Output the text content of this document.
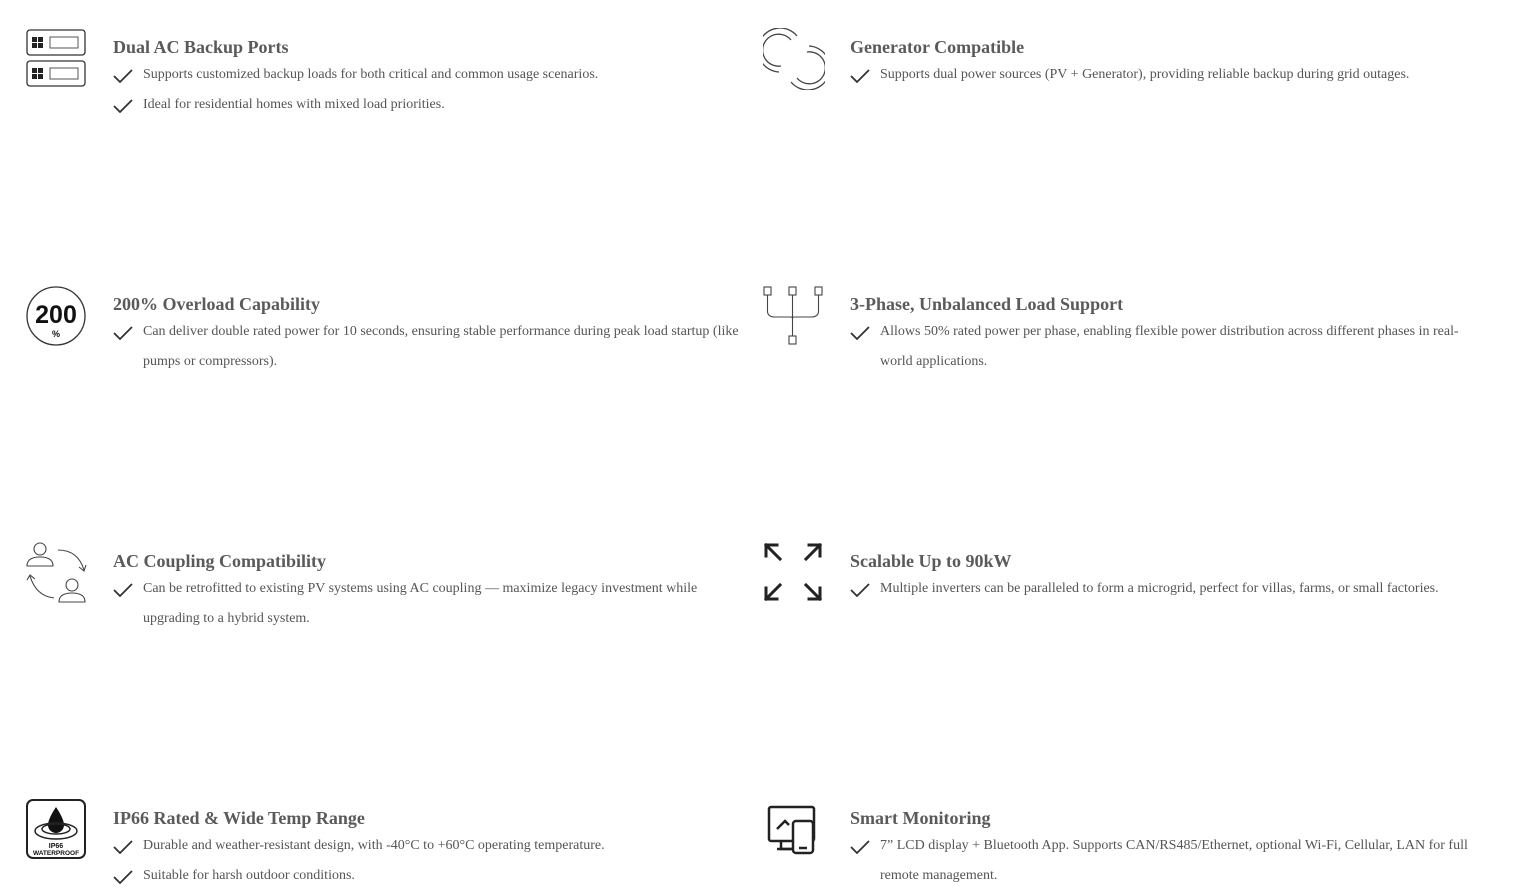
Dual AC Backup Ports
Supports customized backup loads for both critical and common usage scenarios.
Ideal for residential homes with mixed load priorities.
Generator Compatible
Supports dual power sources (PV + Generator), providing reliable backup during grid outages.
200
%
200% Overload Capability
Can deliver double rated power for 10 seconds, ensuring stable performance during peak load startup (like pumps or compressors).
3-Phase, Unbalanced Load Support
Allows 50% rated power per phase, enabling flexible power distribution across different phases in real-world applications.
AC Coupling Compatibility
Can be retrofitted to existing PV systems using AC coupling — maximize legacy investment while upgrading to a hybrid system.
Scalable Up to 90kW
Multiple inverters can be paralleled to form a microgrid, perfect for villas, farms, or small factories.
IP66
WATERPROOF
IP66 Rated & Wide Temp Range
Durable and weather-resistant design, with -40°C to +60°C operating temperature.
Suitable for harsh outdoor conditions.
Smart Monitoring
7” LCD display + Bluetooth App. Supports CAN/RS485/Ethernet, optional Wi-Fi, Cellular, LAN for full remote management.
